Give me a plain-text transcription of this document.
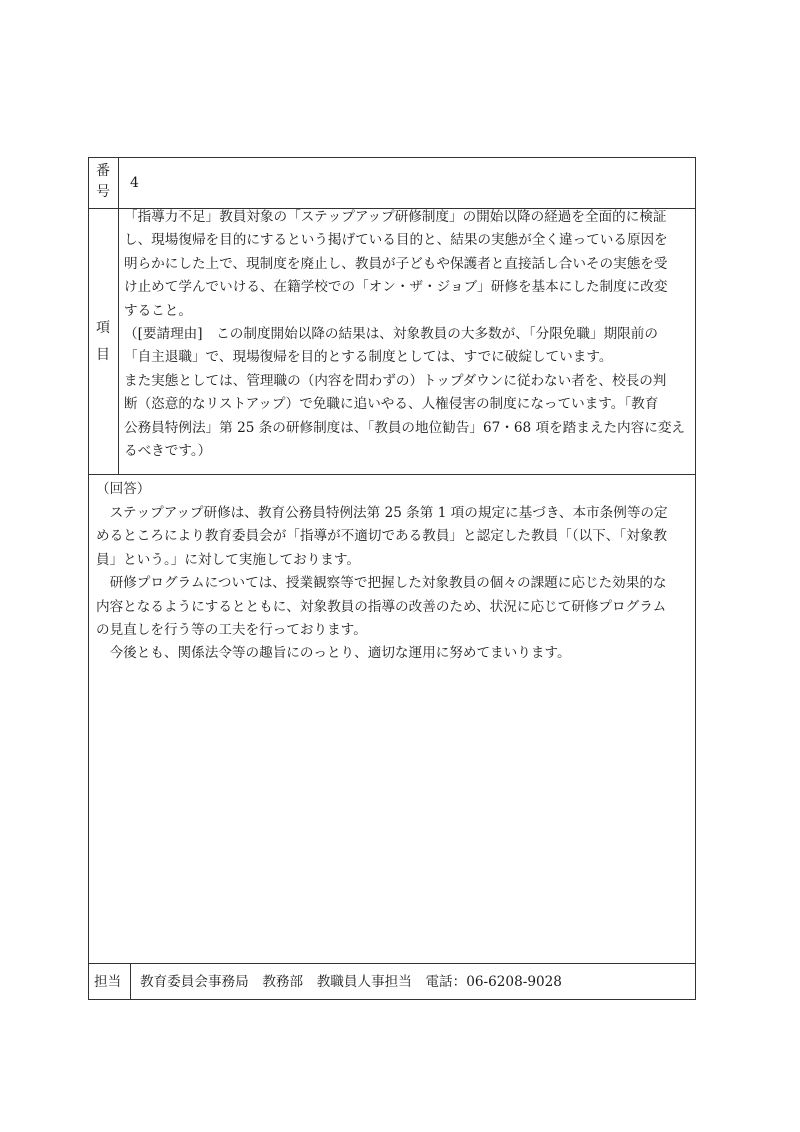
番
号
4
項
目
「指導力不足」教員対象の「ステップアップ研修制度」の開始以降の経過を全面的に検証
し、現場復帰を目的にするという掲げている目的と、結果の実態が全く違っている原因を
明らかにした上で、現制度を廃止し、教員が子どもや保護者と直接話し合いその実態を受
け止めて学んでいける、在籍学校での「オン・ザ・ジョブ」研修を基本にした制度に改変
すること。
（[要請理由]　この制度開始以降の結果は、対象教員の大多数が、「分限免職」期限前の
「自主退職」で、現場復帰を目的とする制度としては、すでに破綻しています。
また実態としては、管理職の（内容を問わずの）トップダウンに従わない者を、校長の判
断（恣意的なリストアップ）で免職に追いやる、人権侵害の制度になっています。「教育
公務員特例法」第 25 条の研修制度は、「教員の地位勧告」67・68 項を踏まえた内容に変え
るべきです。）
（回答）
　ステップアップ研修は、教育公務員特例法第 25 条第 1 項の規定に基づき、本市条例等の定
めるところにより教育委員会が「指導が不適切である教員」と認定した教員「（以下、「対象教
員」という。」に対して実施しております。
　研修プログラムについては、授業観察等で把握した対象教員の個々の課題に応じた効果的な
内容となるようにするとともに、対象教員の指導の改善のため、状況に応じて研修プログラム
の見直しを行う等の工夫を行っております。
　今後とも、関係法令等の趣旨にのっとり、適切な運用に努めてまいります。
担当 教育委員会事務局　教務部　教職員人事担当　電話：06-6208-9028
